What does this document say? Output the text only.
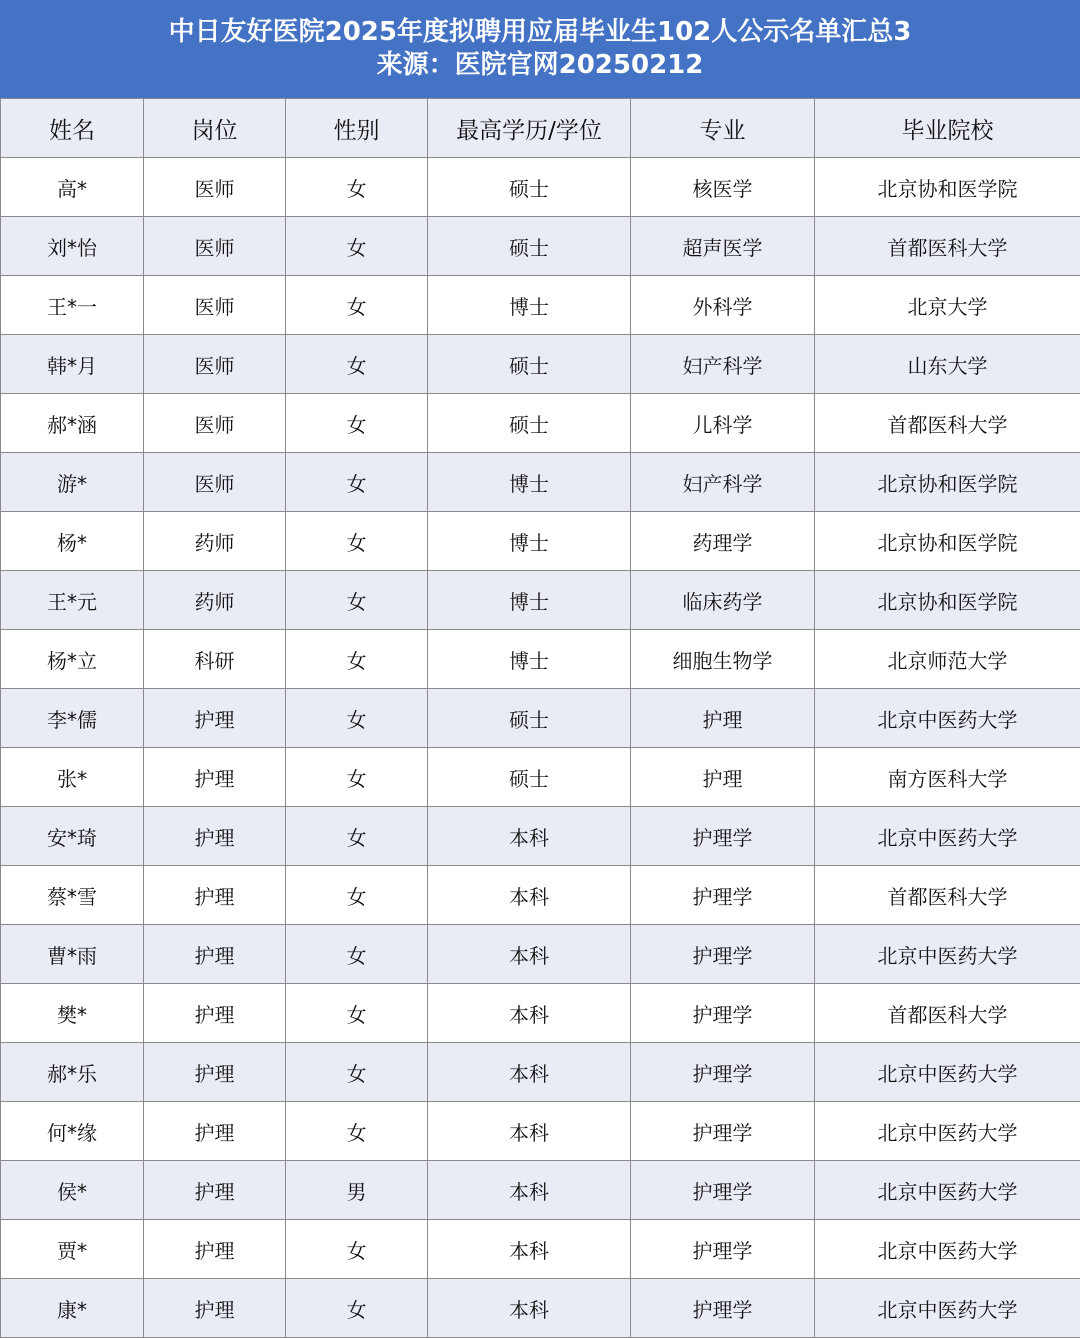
中日友好医院2025年度拟聘用应届毕业生102人公示名单汇总3
来源：医院官网20250212
姓名	岗位	性别	最高学历/学位	专业	毕业院校
高*	医师	女	硕士	核医学	北京协和医学院
刘*怡	医师	女	硕士	超声医学	首都医科大学
王*一	医师	女	博士	外科学	北京大学
韩*月	医师	女	硕士	妇产科学	山东大学
郝*涵	医师	女	硕士	儿科学	首都医科大学
游*	医师	女	博士	妇产科学	北京协和医学院
杨*	药师	女	博士	药理学	北京协和医学院
王*元	药师	女	博士	临床药学	北京协和医学院
杨*立	科研	女	博士	细胞生物学	北京师范大学
李*儒	护理	女	硕士	护理	北京中医药大学
张*	护理	女	硕士	护理	南方医科大学
安*琦	护理	女	本科	护理学	北京中医药大学
蔡*雪	护理	女	本科	护理学	首都医科大学
曹*雨	护理	女	本科	护理学	北京中医药大学
樊*	护理	女	本科	护理学	首都医科大学
郝*乐	护理	女	本科	护理学	北京中医药大学
何*缘	护理	女	本科	护理学	北京中医药大学
侯*	护理	男	本科	护理学	北京中医药大学
贾*	护理	女	本科	护理学	北京中医药大学
康*	护理	女	本科	护理学	北京中医药大学
